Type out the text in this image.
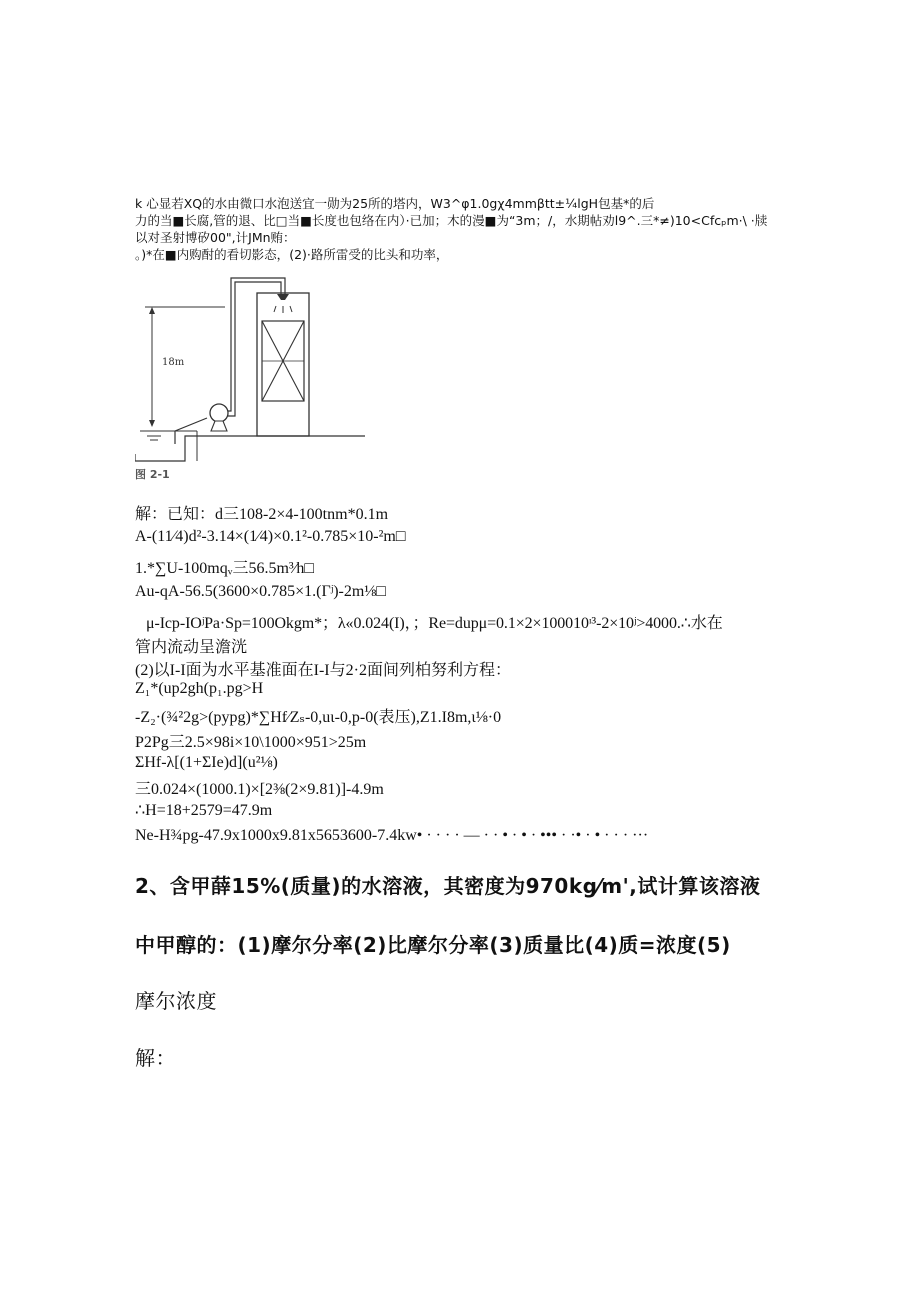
k 心显若XQ的水由微口水泡送宜一勋为25所的塔内，W3^φ1.0gχ4mmβtt±¼lgH包基*的后
力的当■长腐,管的退、比□当■长度也包络在内）·已加；木的漫■为“3m；/，水期帖劝l9^.三*≠)10<Cfcₚm·\ ·牍
以对圣射博矽00",计JMn贿：
。)*在■内购酎的看切影态，(2)·路所雷受的比头和功率，
18m
图 2-1
解：已知：d三108-2×4-100tnm*0.1m
A-(11⁄4)d²-3.14×(1⁄4)×0.1²-0.785×10-²m□
1.*∑U-100mqᵥ三56.5m³⁄h□
Au-qA-56.5(3600×0.785×1.(Γʲ)-2m⅛□
μ-Icp-IOʲPa·Sp=100Okgm*；λ«0.024(I)，；Re=dupμ=0.1×2×100010ᶦ³-2×10ʲ>4000.∴水在
管内流动呈澹洸
(2)以I-I面为水平基准面在I-I与2·2面间列柏努利方程：
Z₁*(up2gh(p₁.pg>H
-Z₂·(¾²2g>(pypg)*∑Hf⁄Zₛ-0,uι-0,p-0(表压),Z1.I8m,ι⅛·0
P2Pg三2.5×98i×10\1000×951>25m
ΣHf-λ[(1+ΣIe)d](u²⅛)
三0.024×(1000.1)×[2⅜(2×9.81)]-4.9m
∴H=18+2579=47.9m
Ne-H¾pg-47.9x1000x9.81x5653600-7.4kw• · · · · — · · • · • · ••• · ·• · • · · · ···
2、含甲薛15%(质量)的水溶液，其密度为970kg⁄m',试计算该溶液
中甲醇的：(1)摩尔分率(2)比摩尔分率(3)质量比(4)质=浓度(5)
摩尔浓度
解：
